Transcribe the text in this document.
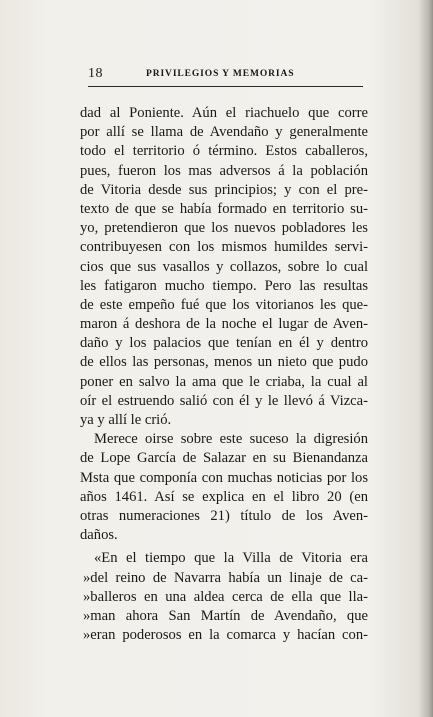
18	PRIVILEGIOS Y MEMORIAS
dad al Poniente. Aún el riachuelo que corre
por allí se llama de Avendaño y generalmente
todo el territorio ó término. Estos caballeros,
pues, fueron los mas adversos á la población
de Vitoria desde sus principios; y con el pre-
texto de que se había formado en territorio su-
yo, pretendieron que los nuevos pobladores les
contribuyesen con los mismos humildes servi-
cios que sus vasallos y collazos, sobre lo cual
les fatigaron mucho tiempo. Pero las resultas
de este empeño fué que los vitorianos les que-
maron á deshora de la noche el lugar de Aven-
daño y los palacios que tenían en él y dentro
de ellos las personas, menos un nieto que pudo
poner en salvo la ama que le criaba, la cual al
oír el estruendo salió con él y le llevó á Vizca-
ya y allí le crió.
Merece oirse sobre este suceso la digresión
de Lope García de Salazar en su Bienandanza
Msta que componía con muchas noticias por los
años 1461. Así se explica en el libro 20 (en
otras numeraciones 21) título de los Aven-
daños.
«En el tiempo que la Villa de Vitoria era
»del reino de Navarra había un linaje de ca-
»balleros en una aldea cerca de ella que lla-
»man ahora San Martín de Avendaño, que
»eran poderosos en la comarca y hacían con-
